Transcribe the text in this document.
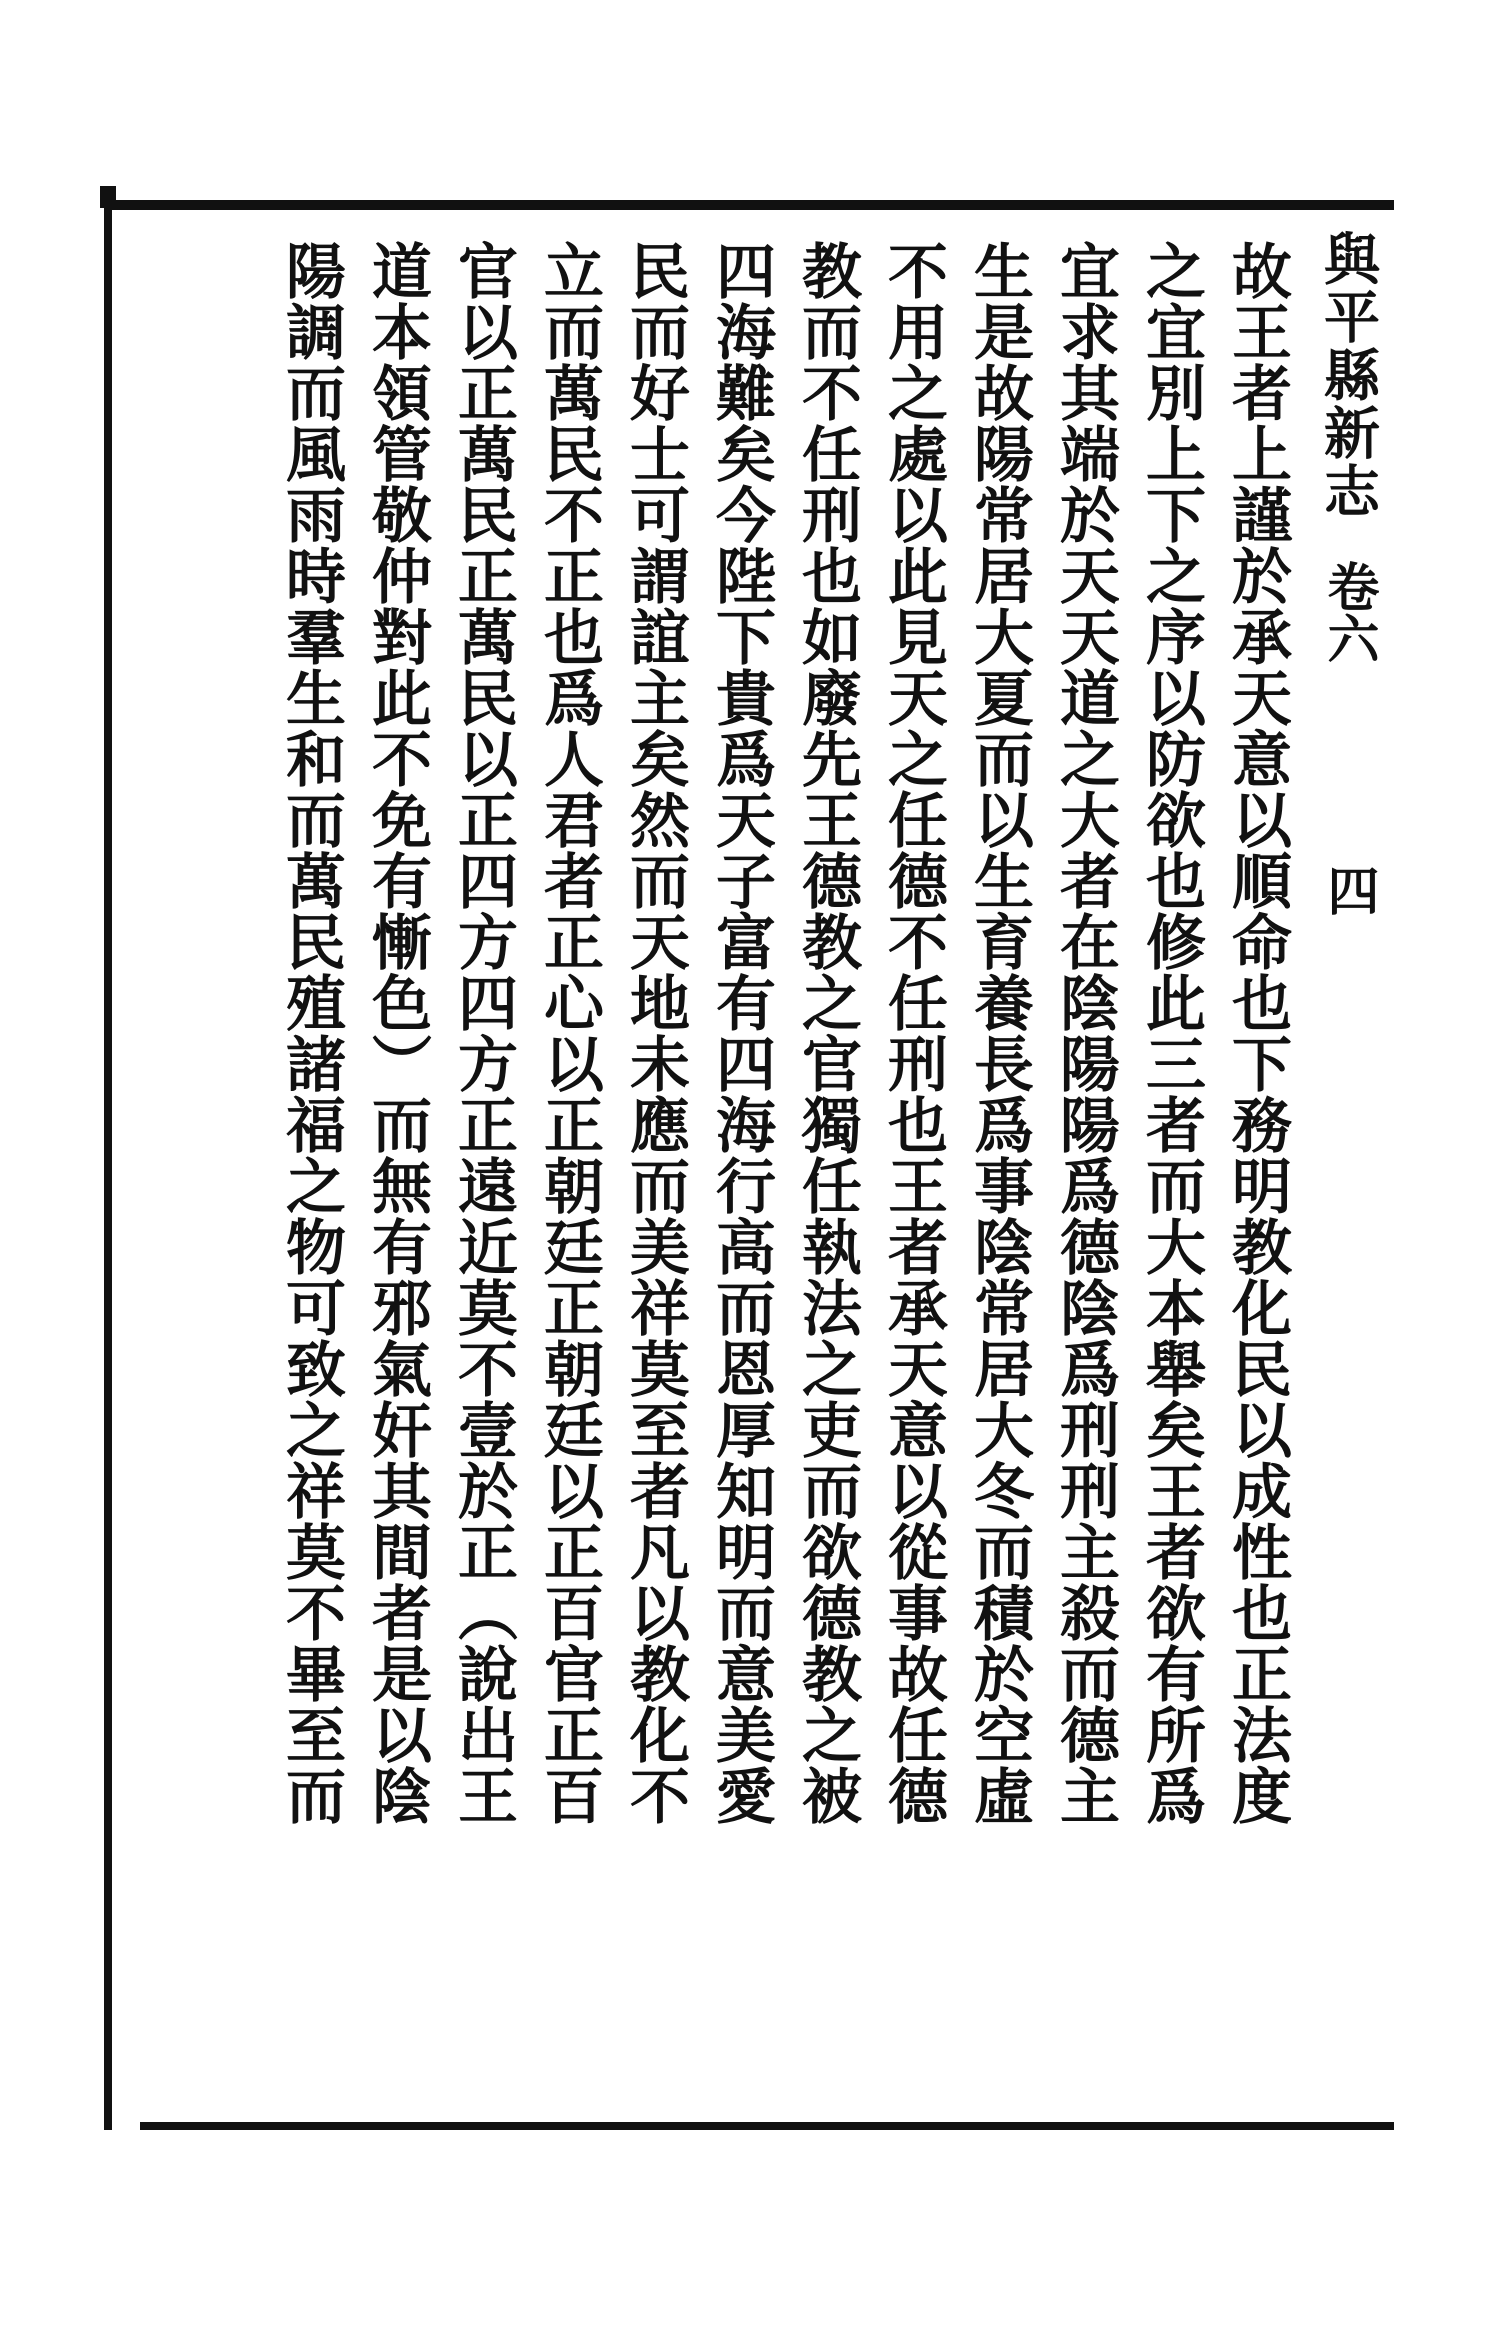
與平縣新志
卷六
四
故王者上謹於承天意以順命也下務明教化民以成性也正法度
之宜別上下之序以防欲也修此三者而大本舉矣王者欲有所爲
宜求其端於天天道之大者在陰陽陽爲德陰爲刑刑主殺而德主
生是故陽常居大夏而以生育養長爲事陰常居大冬而積於空虛
不用之處以此見天之任德不任刑也王者承天意以從事故任德
教而不任刑也如廢先王德教之官獨任執法之吏而欲德教之被
四海難矣今陛下貴爲天子富有四海行高而恩厚知明而意美愛
民而好士可謂誼主矣然而天地未應而美祥莫至者凡以教化不
立而萬民不正也爲人君者正心以正朝廷正朝廷以正百官正百
官以正萬民正萬民以正四方四方正遠近莫不壹於正（說出王
道本領管敬仲對此不免有慚色）而無有邪氣奸其間者是以陰
陽調而風雨時羣生和而萬民殖諸福之物可致之祥莫不畢至而
